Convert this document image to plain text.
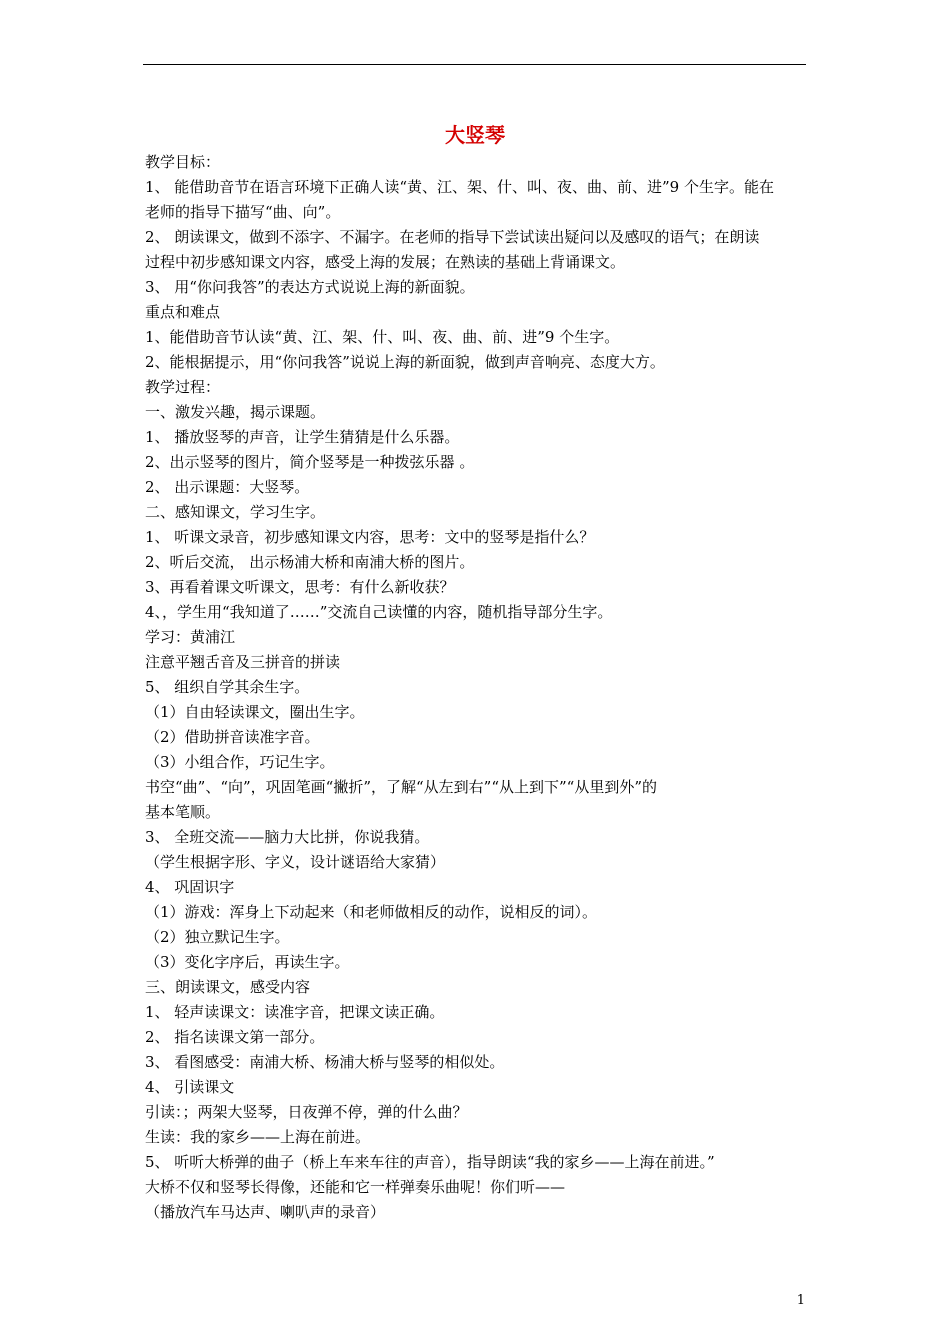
大竖琴
教学目标：
1、 能借助音节在语言环境下正确人读“黄、江、架、什、叫、夜、曲、前、进”9 个生字。能在
老师的指导下描写“曲、向”。
2、 朗读课文，做到不添字、不漏字。在老师的指导下尝试读出疑问以及感叹的语气；在朗读
过程中初步感知课文内容，感受上海的发展；在熟读的基础上背诵课文。
3、 用“你问我答”的表达方式说说上海的新面貌。
重点和难点
1、能借助音节认读“黄、江、架、什、叫、夜、曲、前、进”9 个生字。
2、能根据提示，用“你问我答”说说上海的新面貌，做到声音响亮、态度大方。
教学过程：
一、激发兴趣，揭示课题。
1、 播放竖琴的声音，让学生猜猜是什么乐器。
2、出示竖琴的图片，简介竖琴是一种拨弦乐器 。
2、 出示课题：大竖琴。
二、感知课文，学习生字。
1、 听课文录音，初步感知课文内容，思考：文中的竖琴是指什么？
2、听后交流， 出示杨浦大桥和南浦大桥的图片。
3、再看着课文听课文，思考：有什么新收获？
4、，学生用“我知道了……”交流自己读懂的内容，随机指导部分生字。
学习：黄浦江
注意平翘舌音及三拼音的拼读
5、 组织自学其余生字。
（1）自由轻读课文，圈出生字。
（2）借助拼音读准字音。
（3）小组合作，巧记生字。
书空“曲”、“向”，巩固笔画“撇折”，了解“从左到右”“从上到下”“从里到外”的
基本笔顺。
3、 全班交流——脑力大比拼，你说我猜。
（学生根据字形、字义，设计谜语给大家猜）
4、 巩固识字
（1）游戏：浑身上下动起来（和老师做相反的动作，说相反的词）。
（2）独立默记生字。
（3）变化字序后，再读生字。
三、朗读课文，感受内容
1、 轻声读课文：读准字音，把课文读正确。
2、 指名读课文第一部分。
3、 看图感受：南浦大桥、杨浦大桥与竖琴的相似处。
4、 引读课文
引读：；两架大竖琴，日夜弹不停，弹的什么曲？
生读：我的家乡——上海在前进。
5、 听听大桥弹的曲子（桥上车来车往的声音），指导朗读“我的家乡——上海在前进。”
大桥不仅和竖琴长得像，还能和它一样弹奏乐曲呢！你们听——
（播放汽车马达声、喇叭声的录音）
1
